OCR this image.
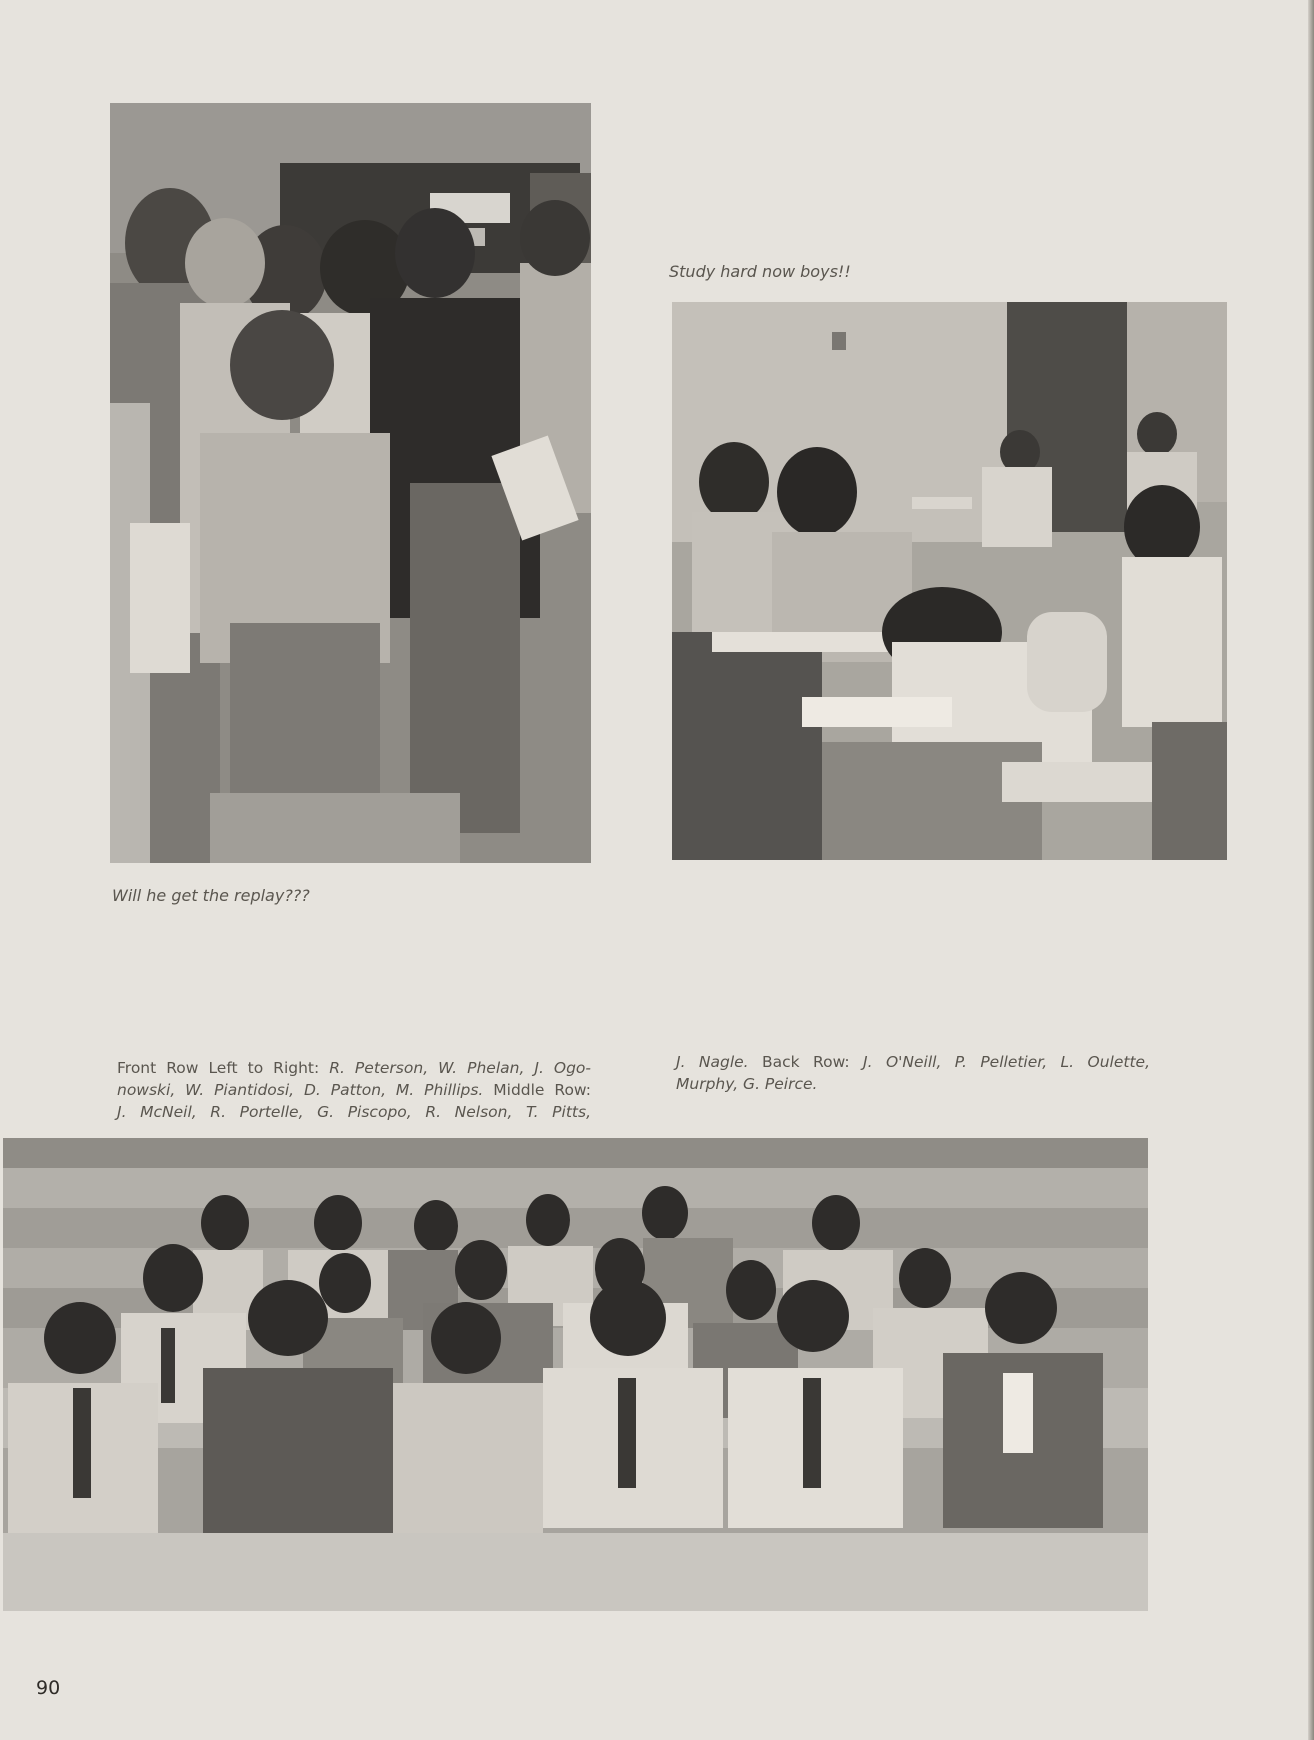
Study hard now boys!!
Will he get the replay???
Front Row Left to Right: R. Peterson, W. Phelan, J. Ogo-
nowski, W. Piantidosi, D. Patton, M. Phillips. Middle Row:
J. McNeil, R. Portelle, G. Piscopo, R. Nelson, T. Pitts,
J. Nagle. Back Row: J. O'Neill, P. Pelletier, L. Oulette,
Murphy, G. Peirce.
90
